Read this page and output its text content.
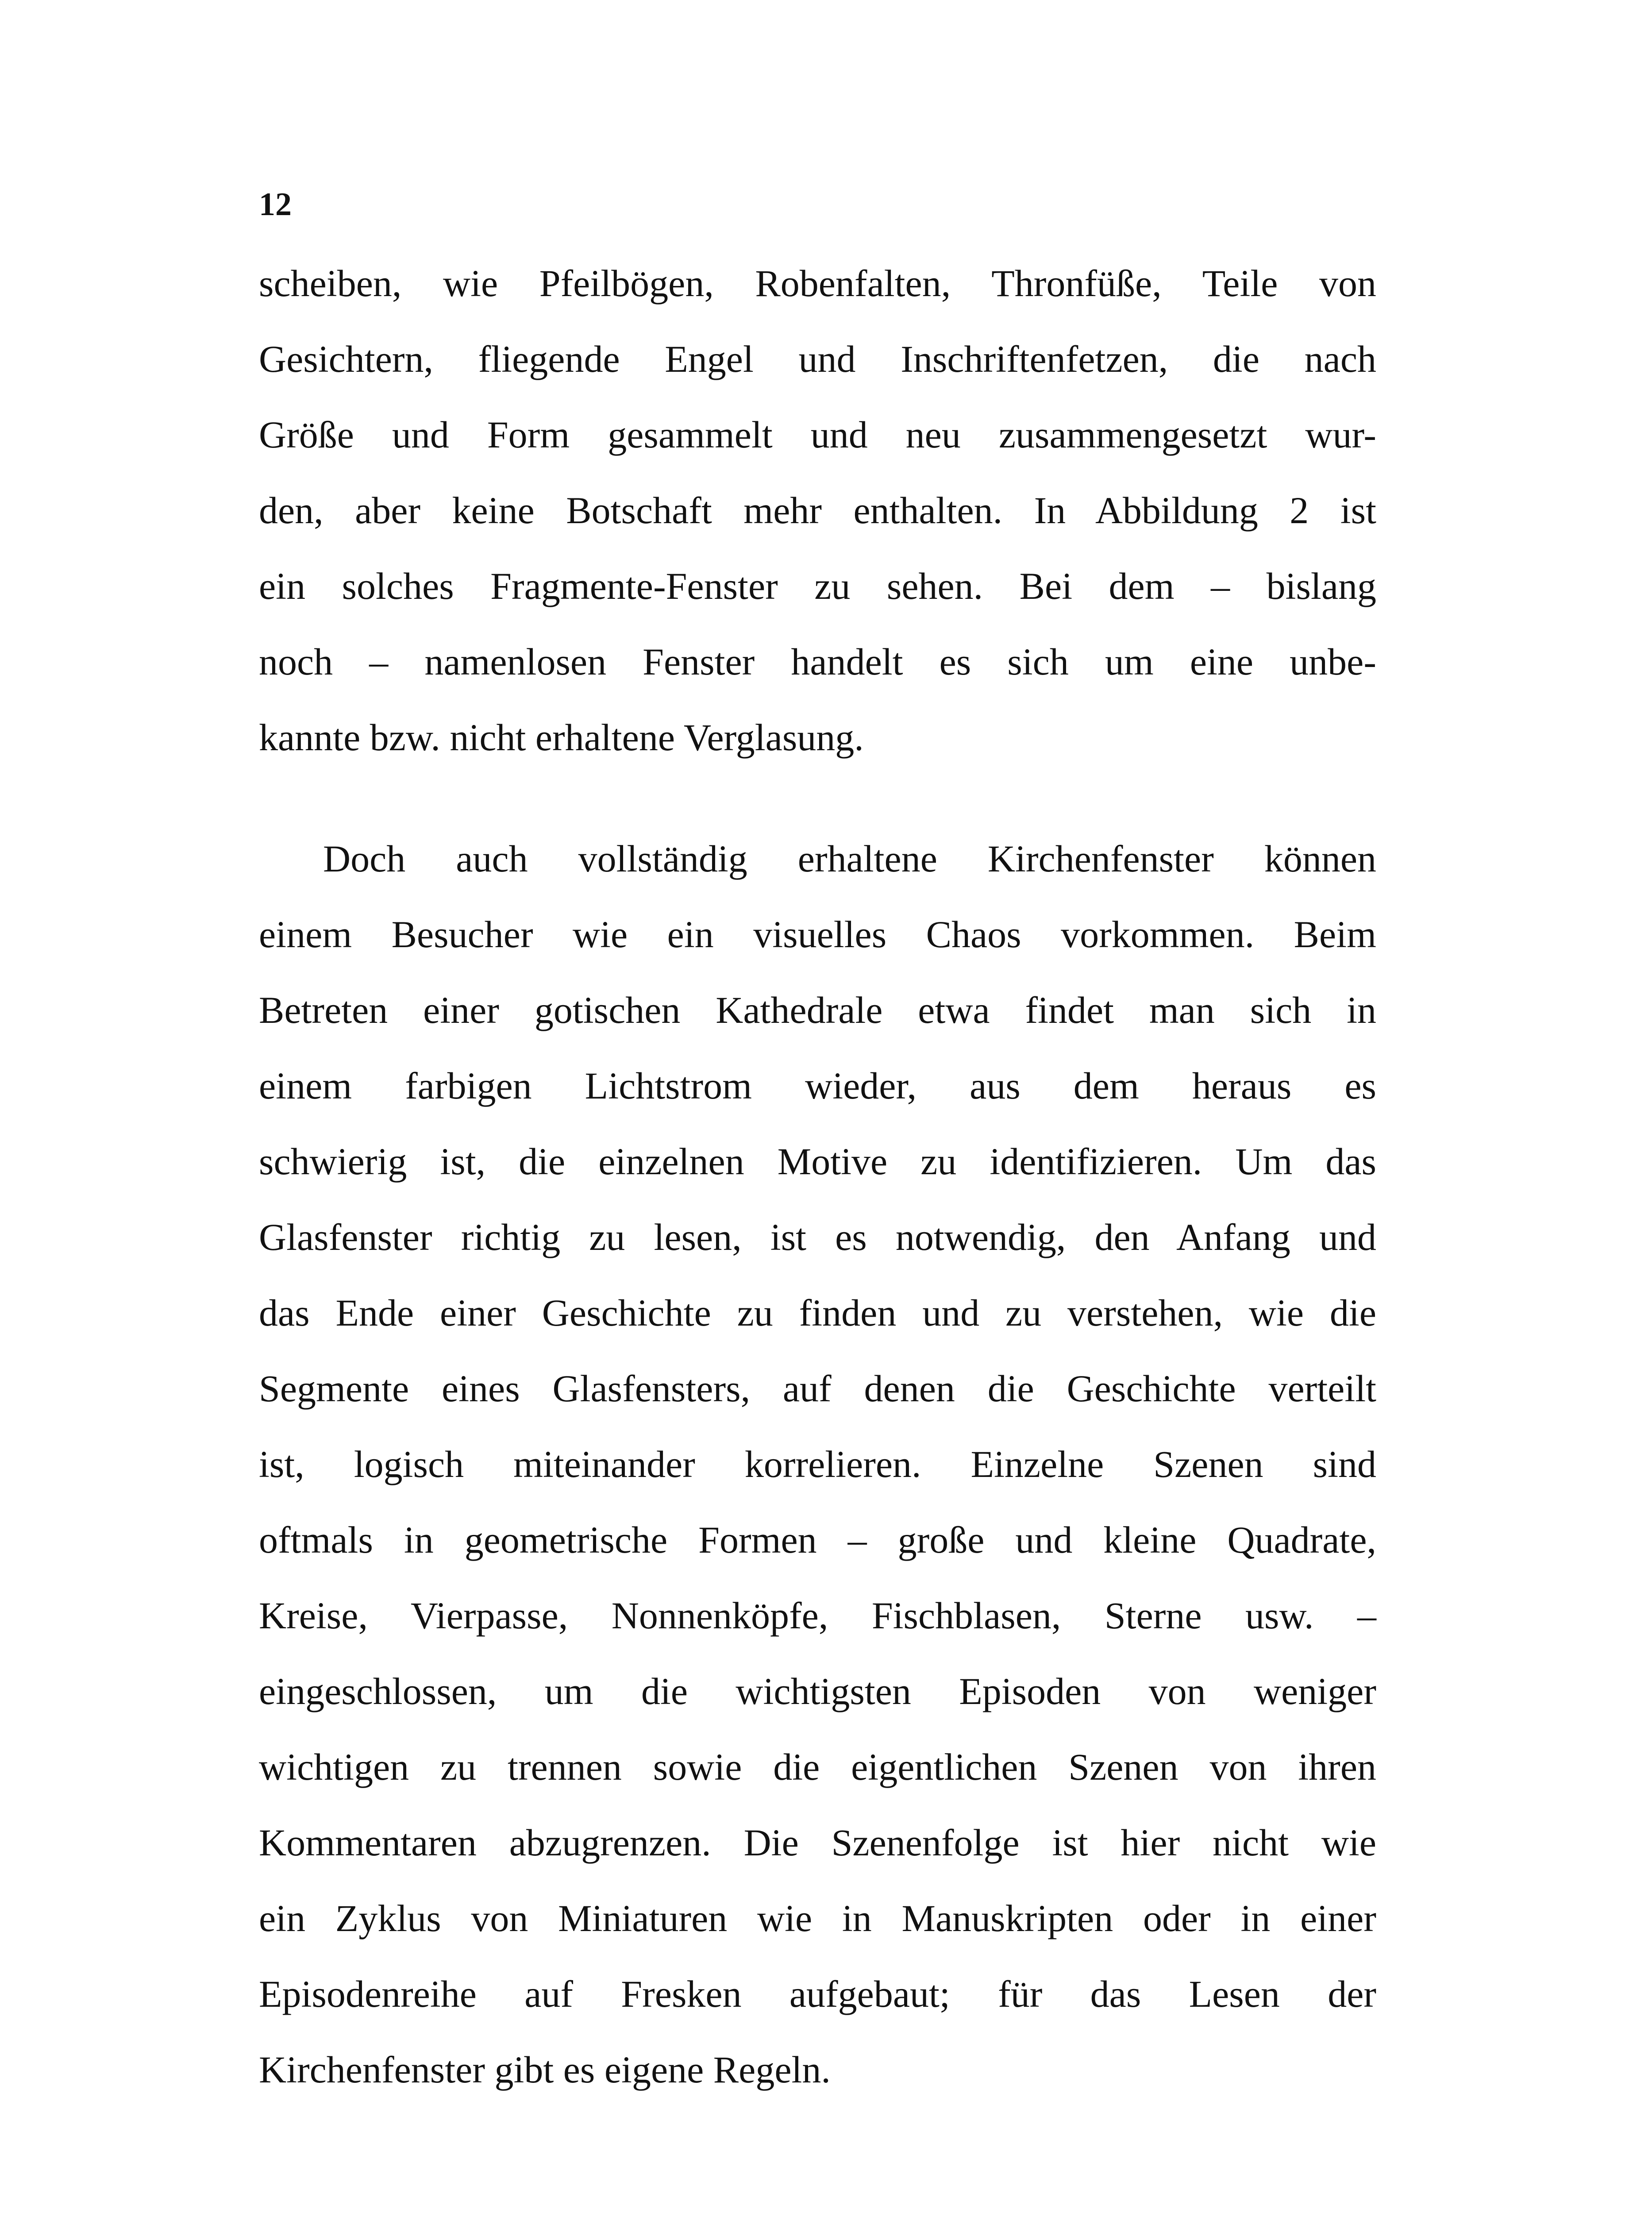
12

scheiben, wie Pfeilbögen, Robenfalten, Thronfüße, Teile von
Gesichtern, fliegende Engel und Inschriftenfetzen, die nach
Größe und Form gesammelt und neu zusammengesetzt wur-
den, aber keine Botschaft mehr enthalten. In Abbildung 2 ist
ein solches Fragmente-Fenster zu sehen. Bei dem – bislang
noch – namenlosen Fenster handelt es sich um eine unbe-
kannte bzw. nicht erhaltene Verglasung.

Doch auch vollständig erhaltene Kirchenfenster können
einem Besucher wie ein visuelles Chaos vorkommen. Beim
Betreten einer gotischen Kathedrale etwa findet man sich in
einem farbigen Lichtstrom wieder, aus dem heraus es
schwierig ist, die einzelnen Motive zu identifizieren. Um das
Glasfenster richtig zu lesen, ist es notwendig, den Anfang und
das Ende einer Geschichte zu finden und zu verstehen, wie die
Segmente eines Glasfensters, auf denen die Geschichte verteilt
ist, logisch miteinander korrelieren. Einzelne Szenen sind
oftmals in geometrische Formen – große und kleine Quadrate,
Kreise, Vierpasse, Nonnenköpfe, Fischblasen, Sterne usw. –
eingeschlossen, um die wichtigsten Episoden von weniger
wichtigen zu trennen sowie die eigentlichen Szenen von ihren
Kommentaren abzugrenzen. Die Szenenfolge ist hier nicht wie
ein Zyklus von Miniaturen wie in Manuskripten oder in einer
Episodenreihe auf Fresken aufgebaut; für das Lesen der
Kirchenfenster gibt es eigene Regeln.
